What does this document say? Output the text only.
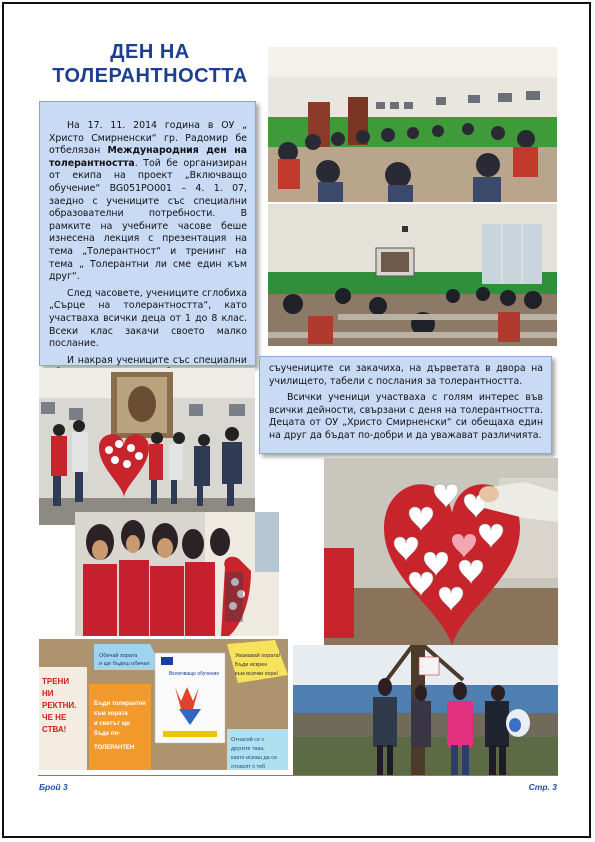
ДЕН НА
ТОЛЕРАНТНОСТТА

На 17. 11. 2014 година в ОУ „ Христо Смирненски“ гр. Радомир бе отбелязан Международния ден на толерантността. Той бе организиран от екипа на проект „Включващо обучение“ BG051PO001 – 4. 1. 07, заедно с учениците със специални образователни потребности. В рамките на учебните часове беше изнесена лекция с презентация на тема „Толерантност“ и тренинг на тема „ Толерантни ли сме един към друг“.

След часовете, учениците сглобиха „Сърце на толерантността“, като участваха всички деца от 1 до 8 клас. Всеки клас закачи своето малко послание.

И накрая учениците със специални

съучениците си закачиха, на дърветата в двора на училището, табели с послания за толерантността.

Всички ученици участваха с голям интерес във всички дейности, свързани с деня на толерантността. Децата от ОУ „Христо Смирненски“ си обещаха един на друг да бъдат по-добри и да уважават различията.

ТРЕНИ
НИ
РЕКТНИ.
ЧЕ НЕ
СТВА!
Обичай хората
и ще бъдеш обичан
Бъди толерантен
към хората
и светът ще
бъде по-
ТОЛЕРАНТЕН
Включващо обучение
Уважавай хората!
Бъди искрен
към всички хора!
Отнасяй се с
другите така,
както искаш да се
отнасят с теб
...
Брой 3	Стр. 3
